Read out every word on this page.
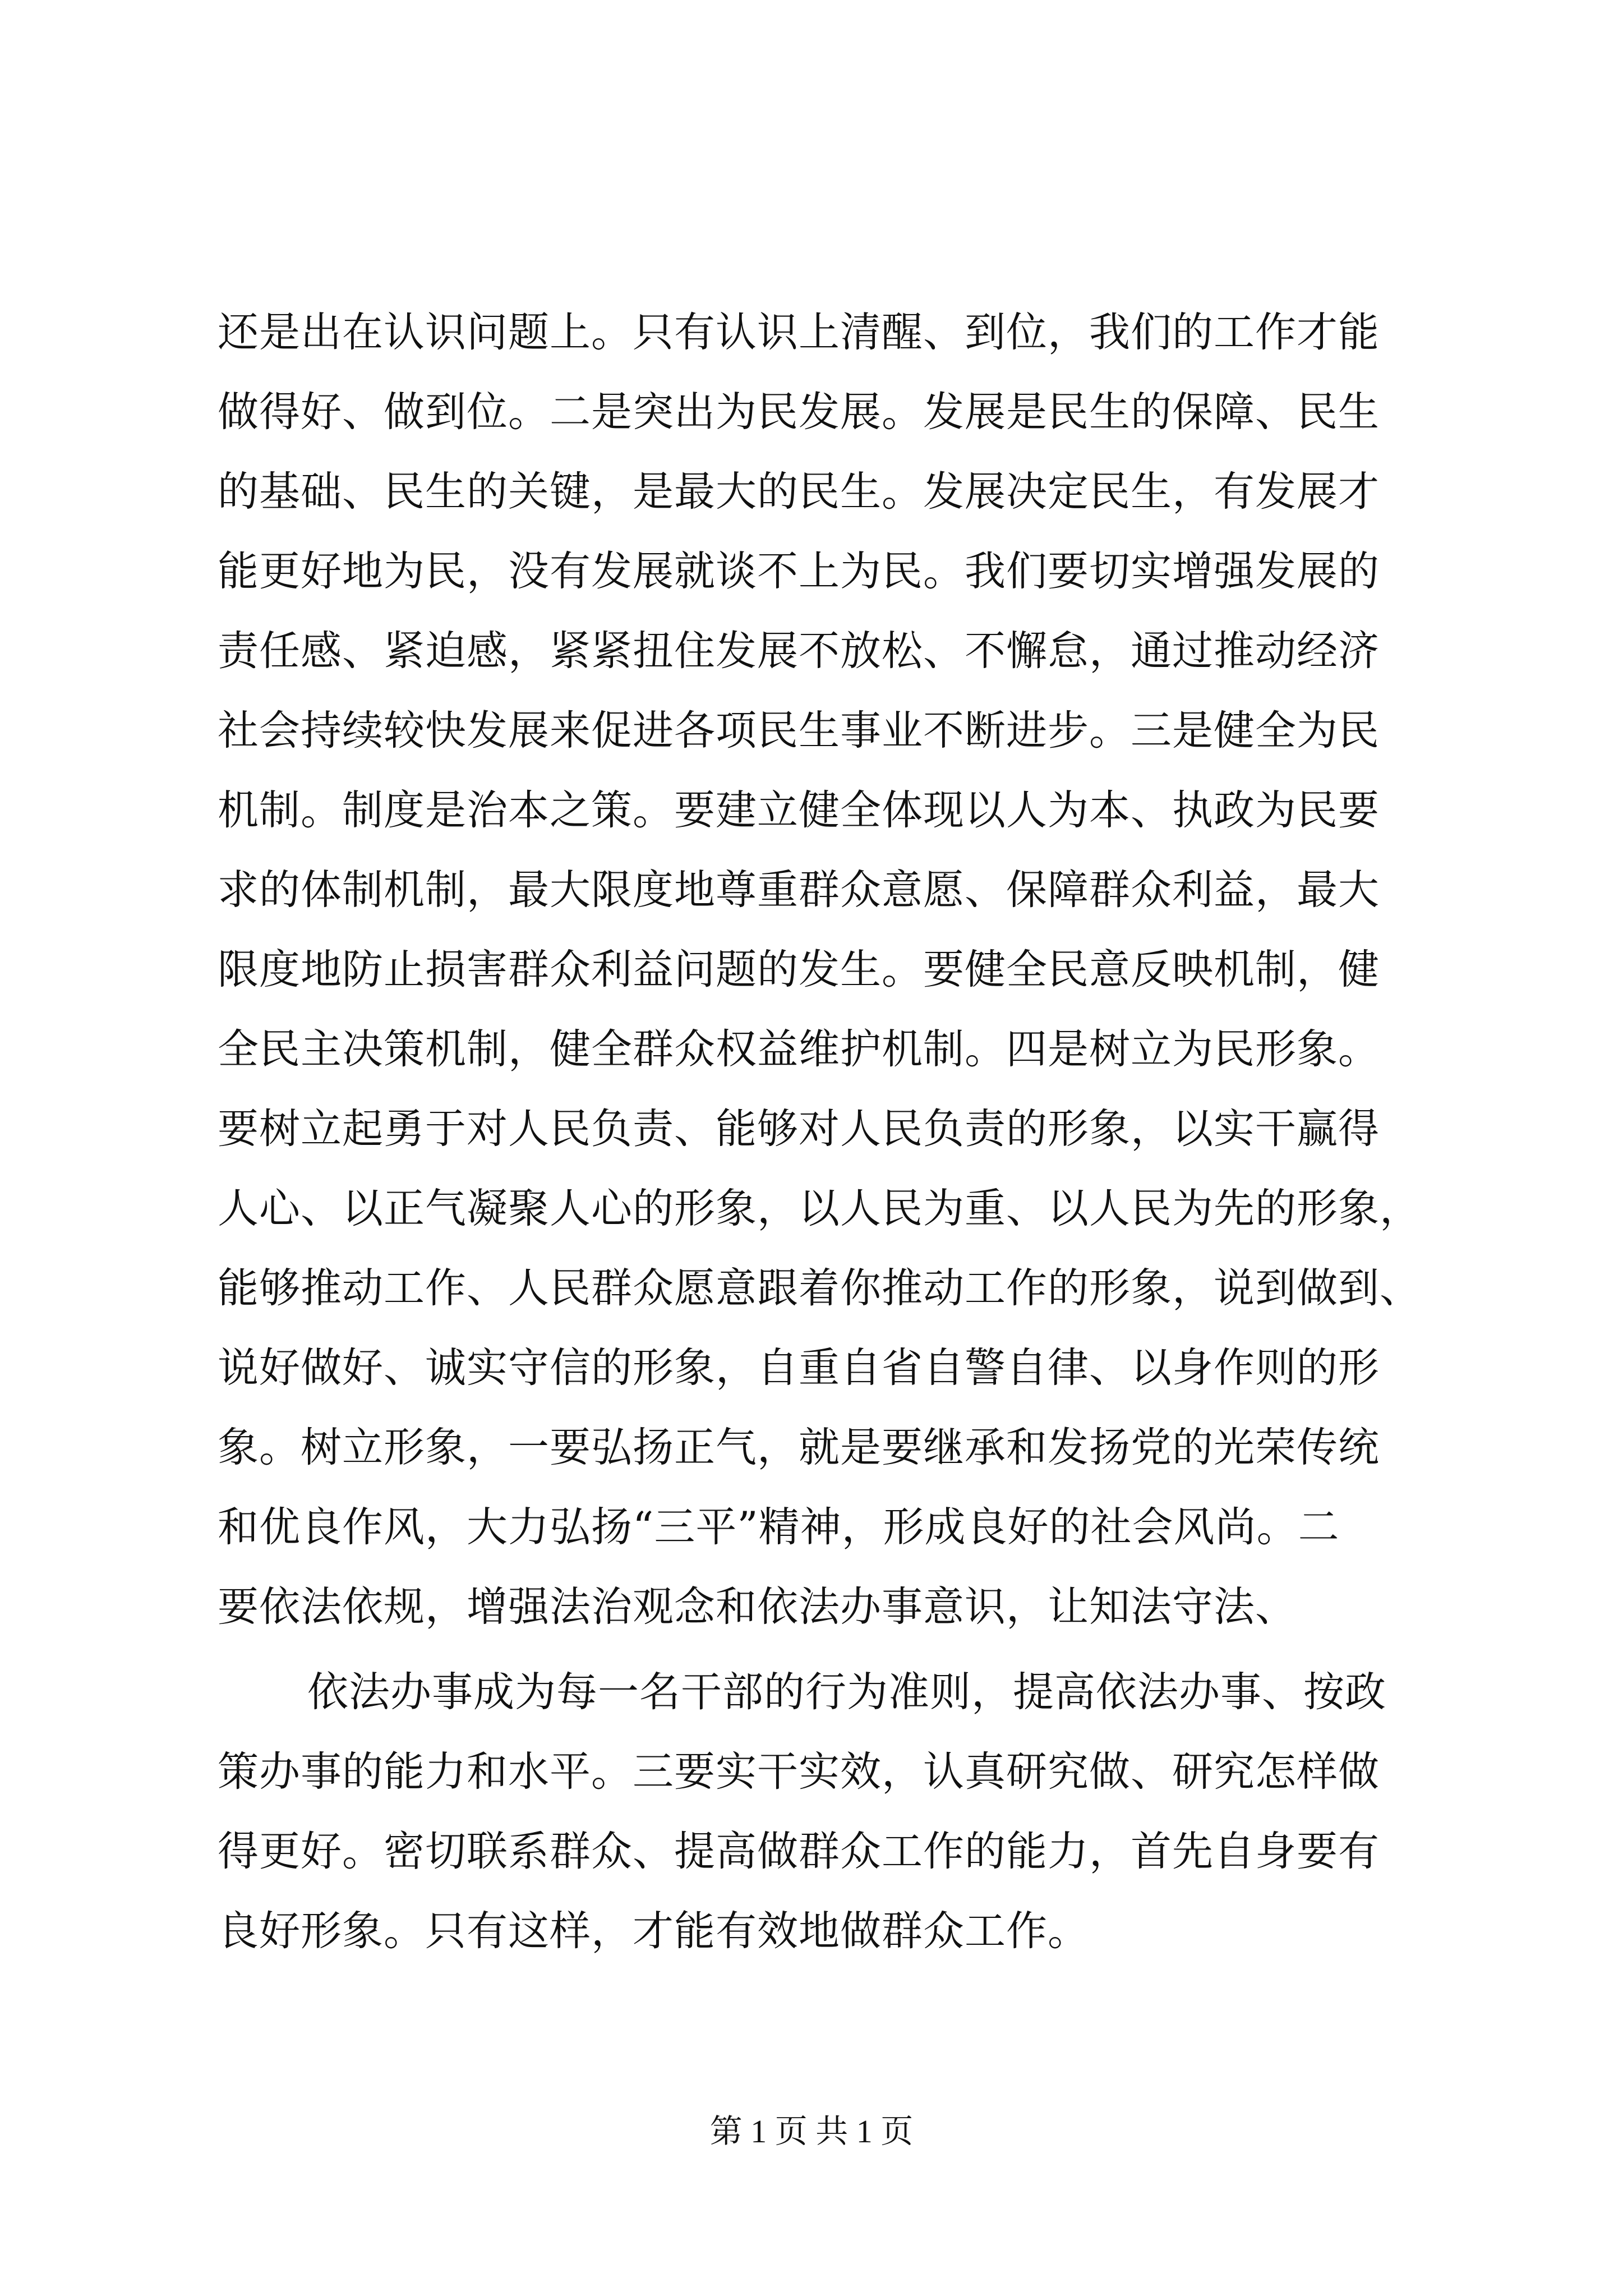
还是出在认识问题上。只有认识上清醒、到位，我们的工作才能
做得好、做到位。二是突出为民发展。发展是民生的保障、民生
的基础、民生的关键，是最大的民生。发展决定民生，有发展才
能更好地为民，没有发展就谈不上为民。我们要切实增强发展的
责任感、紧迫感，紧紧扭住发展不放松、不懈怠，通过推动经济
社会持续较快发展来促进各项民生事业不断进步。三是健全为民
机制。制度是治本之策。要建立健全体现以人为本、执政为民要
求的体制机制，最大限度地尊重群众意愿、保障群众利益，最大
限度地防止损害群众利益问题的发生。要健全民意反映机制，健
全民主决策机制，健全群众权益维护机制。四是树立为民形象。
要树立起勇于对人民负责、能够对人民负责的形象，以实干赢得
人心、以正气凝聚人心的形象，以人民为重、以人民为先的形象，
能够推动工作、人民群众愿意跟着你推动工作的形象，说到做到、
说好做好、诚实守信的形象，自重自省自警自律、以身作则的形
象。树立形象，一要弘扬正气，就是要继承和发扬党的光荣传统
和优良作风，大力弘扬“三平”精神，形成良好的社会风尚。二
要依法依规，增强法治观念和依法办事意识，让知法守法、
依法办事成为每一名干部的行为准则，提高依法办事、按政
策办事的能力和水平。三要实干实效，认真研究做、研究怎样做
得更好。密切联系群众、提高做群众工作的能力，首先自身要有
良好形象。只有这样，才能有效地做群众工作。
第 1 页 共 1 页
